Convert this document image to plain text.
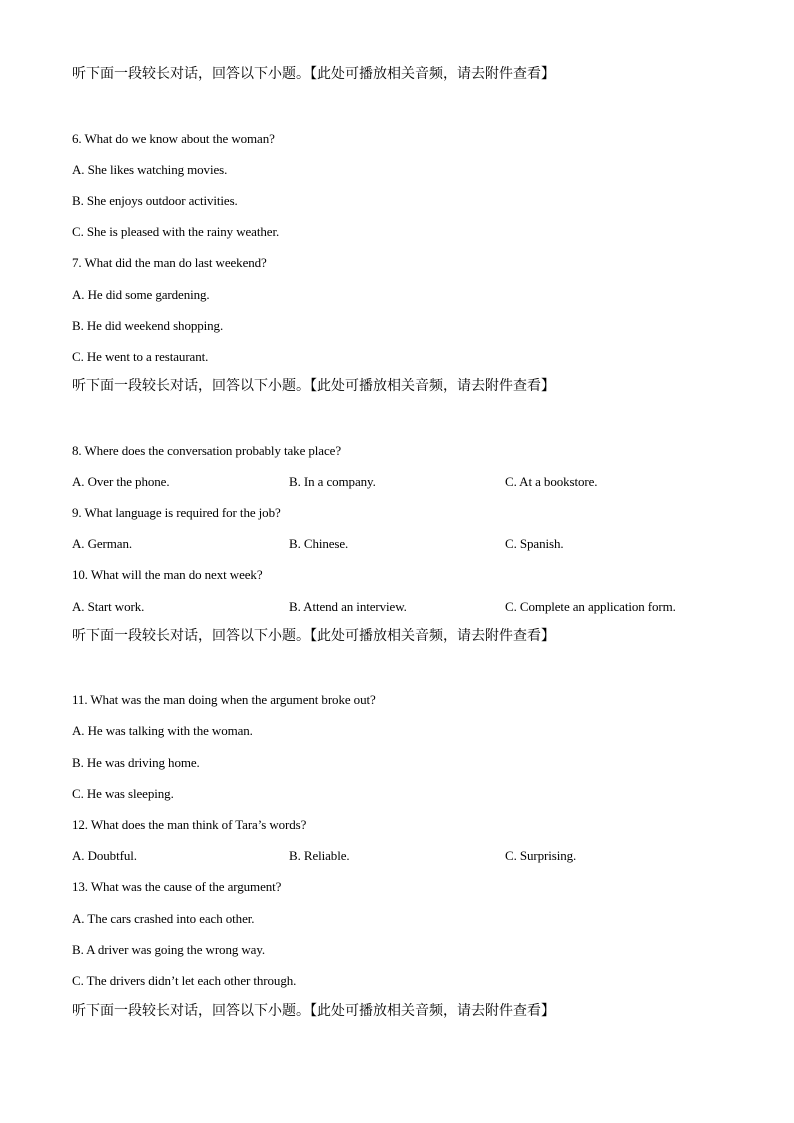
听下面一段较长对话，回答以下小题。【此处可播放相关音频，请去附件查看】
6. What do we know about the woman?
A. She likes watching movies.
B. She enjoys outdoor activities.
C. She is pleased with the rainy weather.
7. What did the man do last weekend?
A. He did some gardening.
B. He did weekend shopping.
C. He went to a restaurant.
听下面一段较长对话，回答以下小题。【此处可播放相关音频，请去附件查看】
8. Where does the conversation probably take place?
A. Over the phone.	B. In a company.	C. At a bookstore.
9. What language is required for the job?
A. German.	B. Chinese.	C. Spanish.
10. What will the man do next week?
A. Start work.	B. Attend an interview.	C. Complete an application form.
听下面一段较长对话，回答以下小题。【此处可播放相关音频，请去附件查看】
11. What was the man doing when the argument broke out?
A. He was talking with the woman.
B. He was driving home.
C. He was sleeping.
12. What does the man think of Tara’s words?
A. Doubtful.	B. Reliable.	C. Surprising.
13. What was the cause of the argument?
A. The cars crashed into each other.
B. A driver was going the wrong way.
C. The drivers didn’t let each other through.
听下面一段较长对话，回答以下小题。【此处可播放相关音频，请去附件查看】
